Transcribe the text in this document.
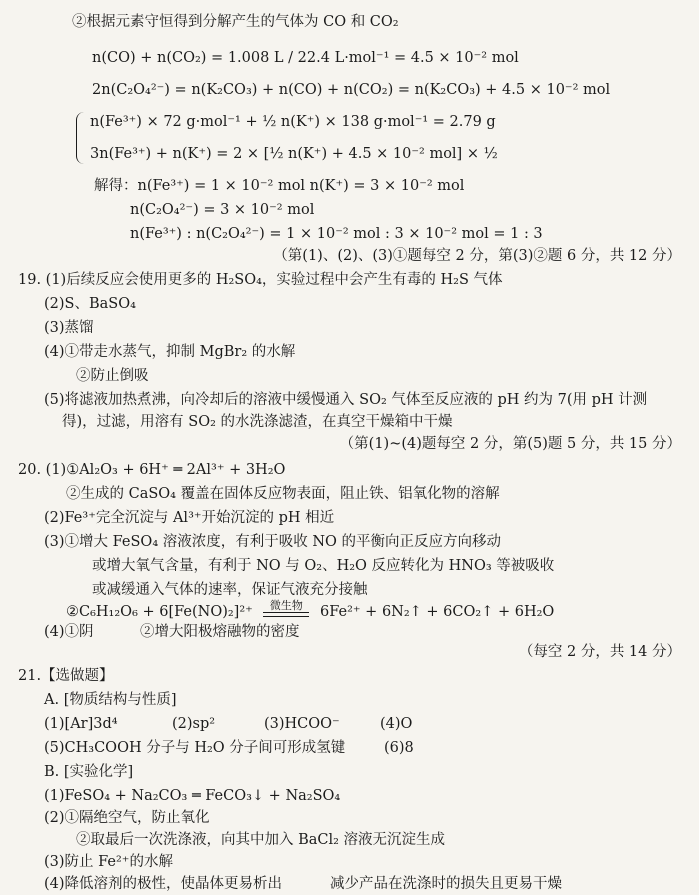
②根据元素守恒得到分解产生的气体为 CO 和 CO₂
n(CO) + n(CO₂) = 1.008 L / 22.4 L·mol⁻¹ = 4.5 × 10⁻² mol
2n(C₂O₄²⁻) = n(K₂CO₃) + n(CO) + n(CO₂) = n(K₂CO₃) + 4.5 × 10⁻² mol
n(Fe³⁺) × 72 g·mol⁻¹ + ½ n(K⁺) × 138 g·mol⁻¹ = 2.79 g
3n(Fe³⁺) + n(K⁺) = 2 × [½ n(K⁺) + 4.5 × 10⁻² mol] × ½
解得：n(Fe³⁺) = 1 × 10⁻² mol n(K⁺) = 3 × 10⁻² mol
n(C₂O₄²⁻) = 3 × 10⁻² mol
n(Fe³⁺) : n(C₂O₄²⁻) = 1 × 10⁻² mol : 3 × 10⁻² mol = 1 : 3
（第(1)、(2)、(3)①题每空 2 分，第(3)②题 6 分，共 12 分）
19. (1)后续反应会使用更多的 H₂SO₄，实验过程中会产生有毒的 H₂S 气体
(2)S、BaSO₄
(3)蒸馏
(4)①带走水蒸气，抑制 MgBr₂ 的水解
②防止倒吸
(5)将滤液加热煮沸，向冷却后的溶液中缓慢通入 SO₂ 气体至反应液的 pH 约为 7(用 pH 计测
得)，过滤，用溶有 SO₂ 的水洗涤滤渣，在真空干燥箱中干燥
（第(1)~(4)题每空 2 分，第(5)题 5 分，共 15 分）
20. (1)①Al₂O₃ + 6H⁺ ═ 2Al³⁺ + 3H₂O
②生成的 CaSO₄ 覆盖在固体反应物表面，阻止铁、铝氧化物的溶解
(2)Fe³⁺完全沉淀与 Al³⁺开始沉淀的 pH 相近
(3)①增大 FeSO₄ 溶液浓度，有利于吸收 NO 的平衡向正反应方向移动
或增大氧气含量，有利于 NO 与 O₂、H₂O 反应转化为 HNO₃ 等被吸收
或减缓通入气体的速率，保证气液充分接触
②C₆H₁₂O₆ + 6[Fe(NO)₂]²⁺	微生物	6Fe²⁺ + 6N₂↑ + 6CO₂↑ + 6H₂O
(4)①阴	②增大阳极熔融物的密度
（每空 2 分，共 14 分）
21.【选做题】
A. [物质结构与性质]
(1)[Ar]3d⁴	(2)sp²	(3)HCOO⁻	(4)O
(5)CH₃COOH 分子与 H₂O 分子间可形成氢键	(6)8
B. [实验化学]
(1)FeSO₄ + Na₂CO₃ ═ FeCO₃↓ + Na₂SO₄
(2)①隔绝空气，防止氧化
②取最后一次洗涤液，向其中加入 BaCl₂ 溶液无沉淀生成
(3)防止 Fe²⁺的水解
(4)降低溶剂的极性，使晶体更易析出	减少产品在洗涤时的损失且更易干燥
